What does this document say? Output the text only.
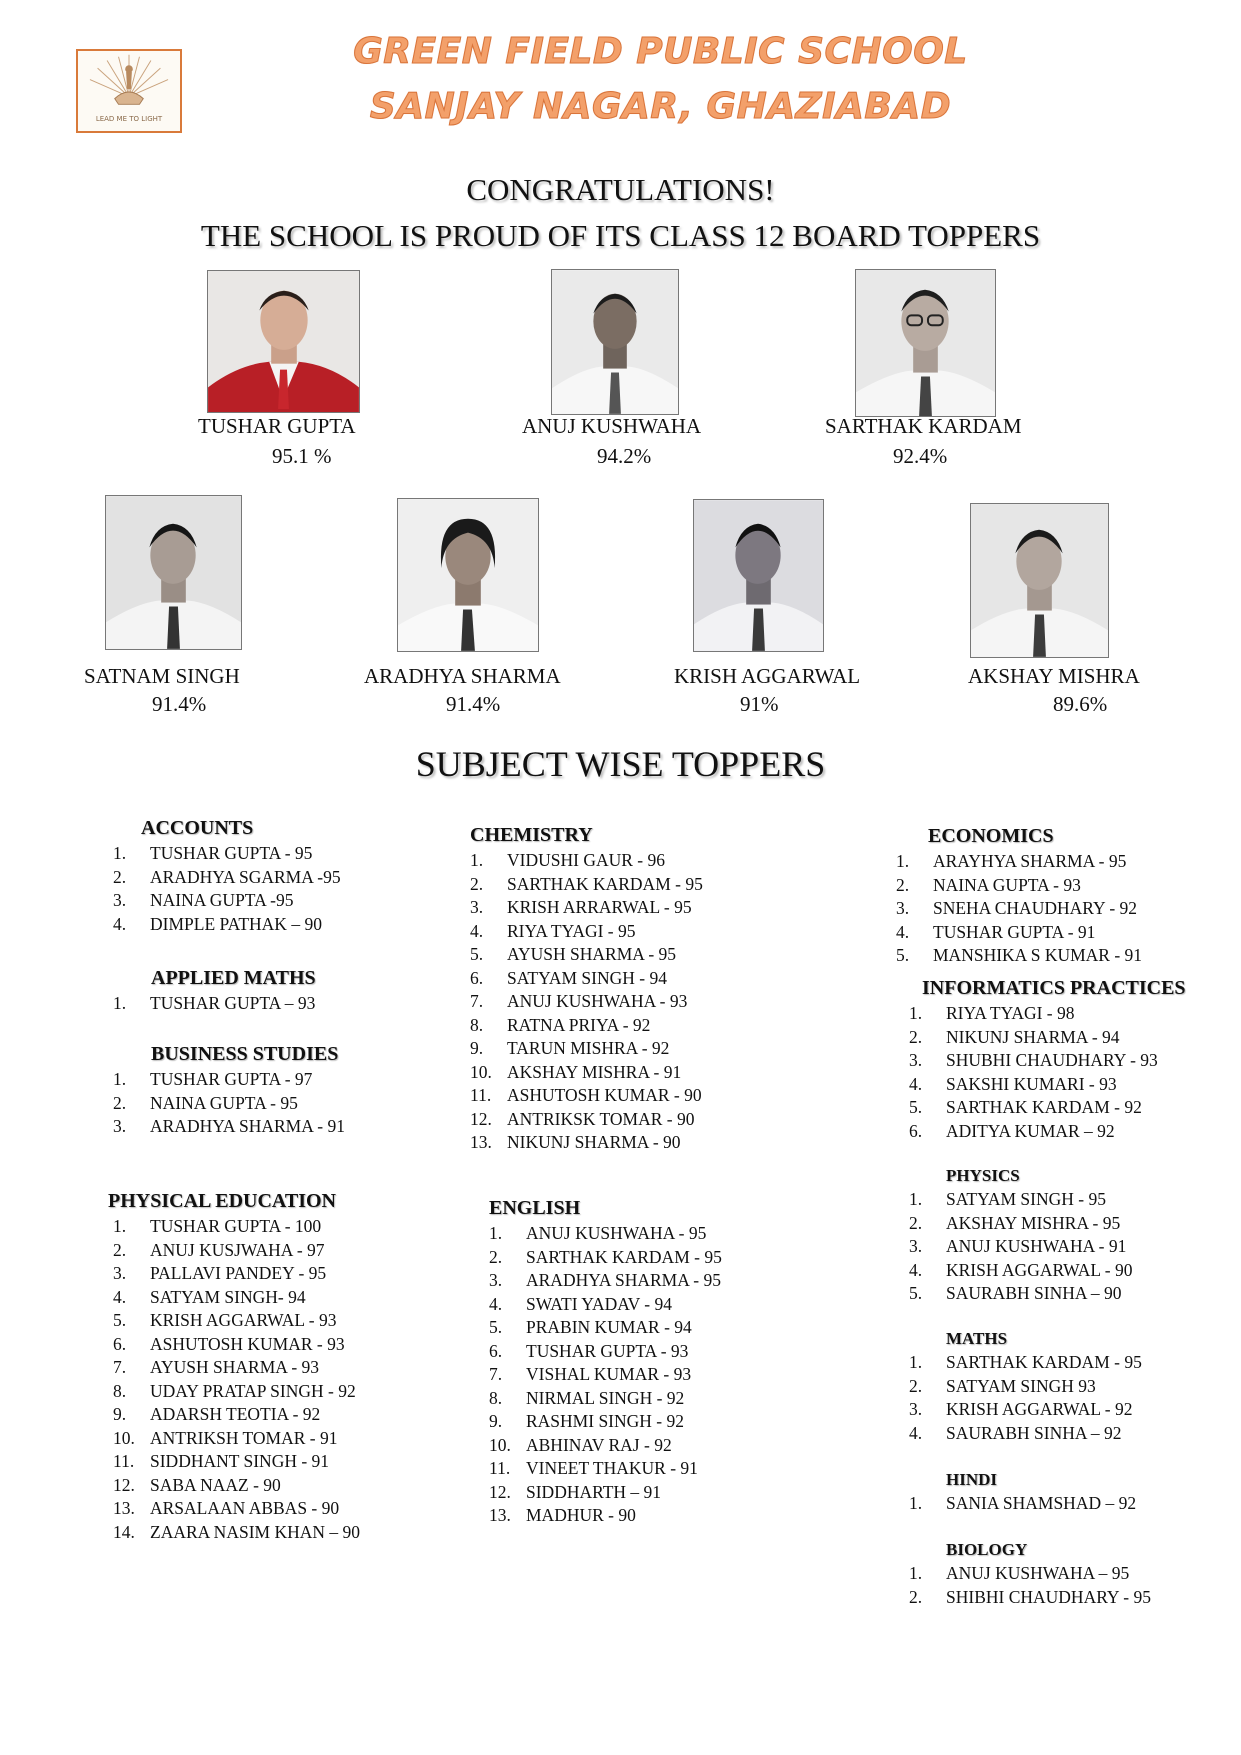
LEAD ME TO LIGHT
GREEN FIELD PUBLIC SCHOOL
SANJAY NAGAR, GHAZIABAD
CONGRATULATIONS!
THE SCHOOL IS PROUD OF ITS CLASS 12 BOARD TOPPERS
TUSHAR GUPTA
95.1 %
ANUJ KUSHWAHA
94.2%
SARTHAK KARDAM
92.4%
SATNAM SINGH
91.4%
ARADHYA SHARMA
91.4%
KRISH AGGARWAL
91%
AKSHAY MISHRA
89.6%
SUBJECT WISE TOPPERS
ACCOUNTS
1. TUSHAR GUPTA - 95
2. ARADHYA SGARMA -95
3. NAINA GUPTA -95
4. DIMPLE PATHAK – 90
APPLIED MATHS
1. TUSHAR GUPTA – 93
BUSINESS STUDIES
1. TUSHAR GUPTA - 97
2. NAINA GUPTA - 95
3. ARADHYA SHARMA - 91
PHYSICAL EDUCATION
1. TUSHAR GUPTA - 100
2. ANUJ KUSJWAHA - 97
3. PALLAVI PANDEY - 95
4. SATYAM SINGH- 94
5. KRISH AGGARWAL - 93
6. ASHUTOSH KUMAR - 93
7. AYUSH SHARMA - 93
8. UDAY PRATAP SINGH - 92
9. ADARSH TEOTIA - 92
10. ANTRIKSH TOMAR - 91
11. SIDDHANT SINGH - 91
12. SABA NAAZ - 90
13. ARSALAAN ABBAS - 90
14. ZAARA NASIM KHAN – 90
CHEMISTRY
1. VIDUSHI GAUR - 96
2. SARTHAK KARDAM - 95
3. KRISH ARRARWAL - 95
4. RIYA TYAGI - 95
5. AYUSH SHARMA - 95
6. SATYAM SINGH - 94
7. ANUJ KUSHWAHA - 93
8. RATNA PRIYA - 92
9. TARUN MISHRA - 92
10. AKSHAY MISHRA - 91
11. ASHUTOSH KUMAR - 90
12. ANTRIKSK TOMAR - 90
13. NIKUNJ SHARMA - 90
ENGLISH
1. ANUJ KUSHWAHA - 95
2. SARTHAK KARDAM - 95
3. ARADHYA SHARMA - 95
4. SWATI YADAV - 94
5. PRABIN KUMAR - 94
6. TUSHAR GUPTA - 93
7. VISHAL KUMAR - 93
8. NIRMAL SINGH - 92
9. RASHMI SINGH - 92
10. ABHINAV RAJ - 92
11. VINEET THAKUR - 91
12. SIDDHARTH – 91
13. MADHUR - 90
ECONOMICS
1. ARAYHYA SHARMA - 95
2. NAINA GUPTA - 93
3. SNEHA CHAUDHARY - 92
4. TUSHAR GUPTA - 91
5. MANSHIKA S KUMAR - 91
INFORMATICS PRACTICES
1. RIYA TYAGI - 98
2. NIKUNJ SHARMA - 94
3. SHUBHI CHAUDHARY - 93
4. SAKSHI KUMARI - 93
5. SARTHAK KARDAM - 92
6. ADITYA KUMAR – 92
PHYSICS
1. SATYAM SINGH - 95
2. AKSHAY MISHRA - 95
3. ANUJ KUSHWAHA - 91
4. KRISH AGGARWAL - 90
5. SAURABH SINHA – 90
MATHS
1. SARTHAK KARDAM - 95
2. SATYAM SINGH 93
3. KRISH AGGARWAL - 92
4. SAURABH SINHA – 92
HINDI
1. SANIA SHAMSHAD – 92
BIOLOGY
1. ANUJ KUSHWAHA – 95
2. SHIBHI CHAUDHARY - 95
